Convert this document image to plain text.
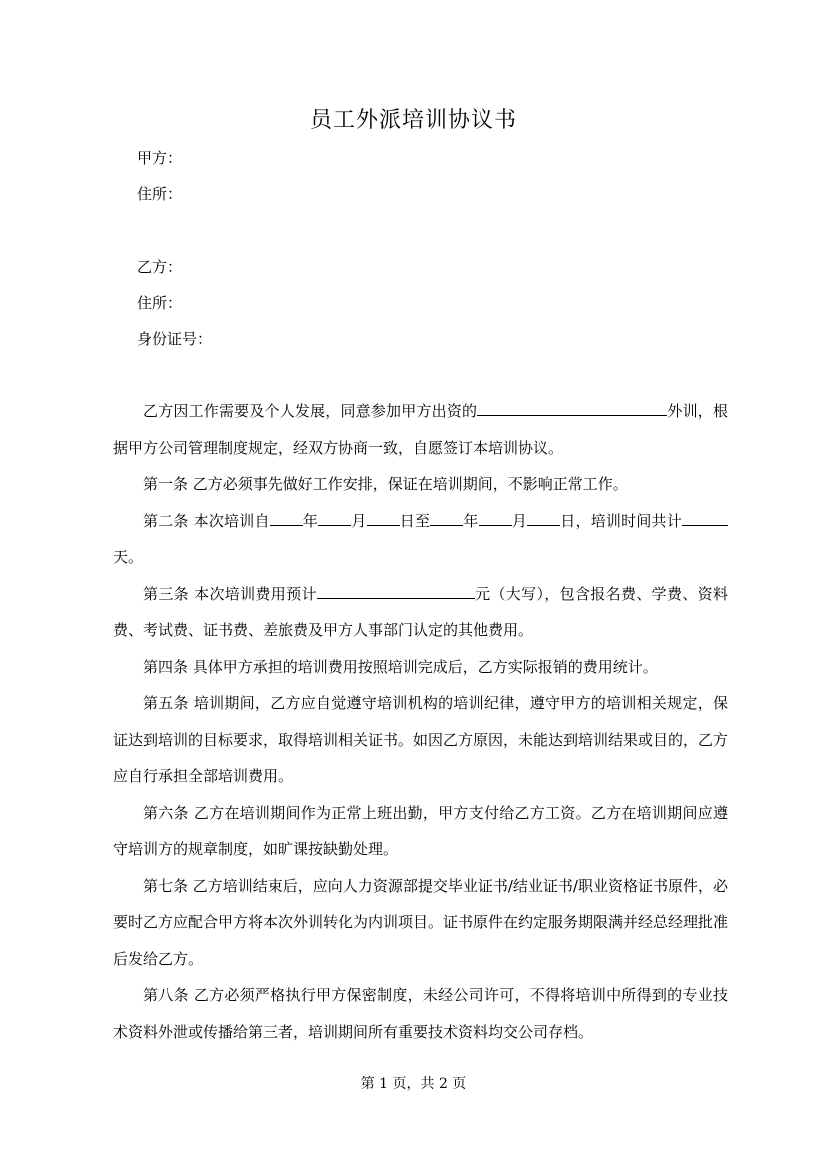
员工外派培训协议书
甲方：
住所：
乙方：
住所：
身份证号：

乙方因工作需要及个人发展，同意参加甲方出资的	外训，根据甲方公司管理制度规定，经双方协商一致，自愿签订本培训协议。

第一条 乙方必须事先做好工作安排，保证在培训期间，不影响正常工作。

第二条 本次培训自 年 月 日至 年 月 日，培训时间共计天。

第三条 本次培训费用预计	元（大写），包含报名费、学费、资料费、考试费、证书费、差旅费及甲方人事部门认定的其他费用。

第四条 具体甲方承担的培训费用按照培训完成后，乙方实际报销的费用统计。

第五条 培训期间，乙方应自觉遵守培训机构的培训纪律，遵守甲方的培训相关规定，保证达到培训的目标要求，取得培训相关证书。如因乙方原因，未能达到培训结果或目的，乙方应自行承担全部培训费用。

第六条 乙方在培训期间作为正常上班出勤，甲方支付给乙方工资。乙方在培训期间应遵守培训方的规章制度，如旷课按缺勤处理。

第七条 乙方培训结束后，应向人力资源部提交毕业证书/结业证书/职业资格证书原件，必要时乙方应配合甲方将本次外训转化为内训项目。证书原件在约定服务期限满并经总经理批准后发给乙方。

第八条 乙方必须严格执行甲方保密制度，未经公司许可，不得将培训中所得到的专业技术资料外泄或传播给第三者，培训期间所有重要技术资料均交公司存档。

第 1 页，共 2 页
